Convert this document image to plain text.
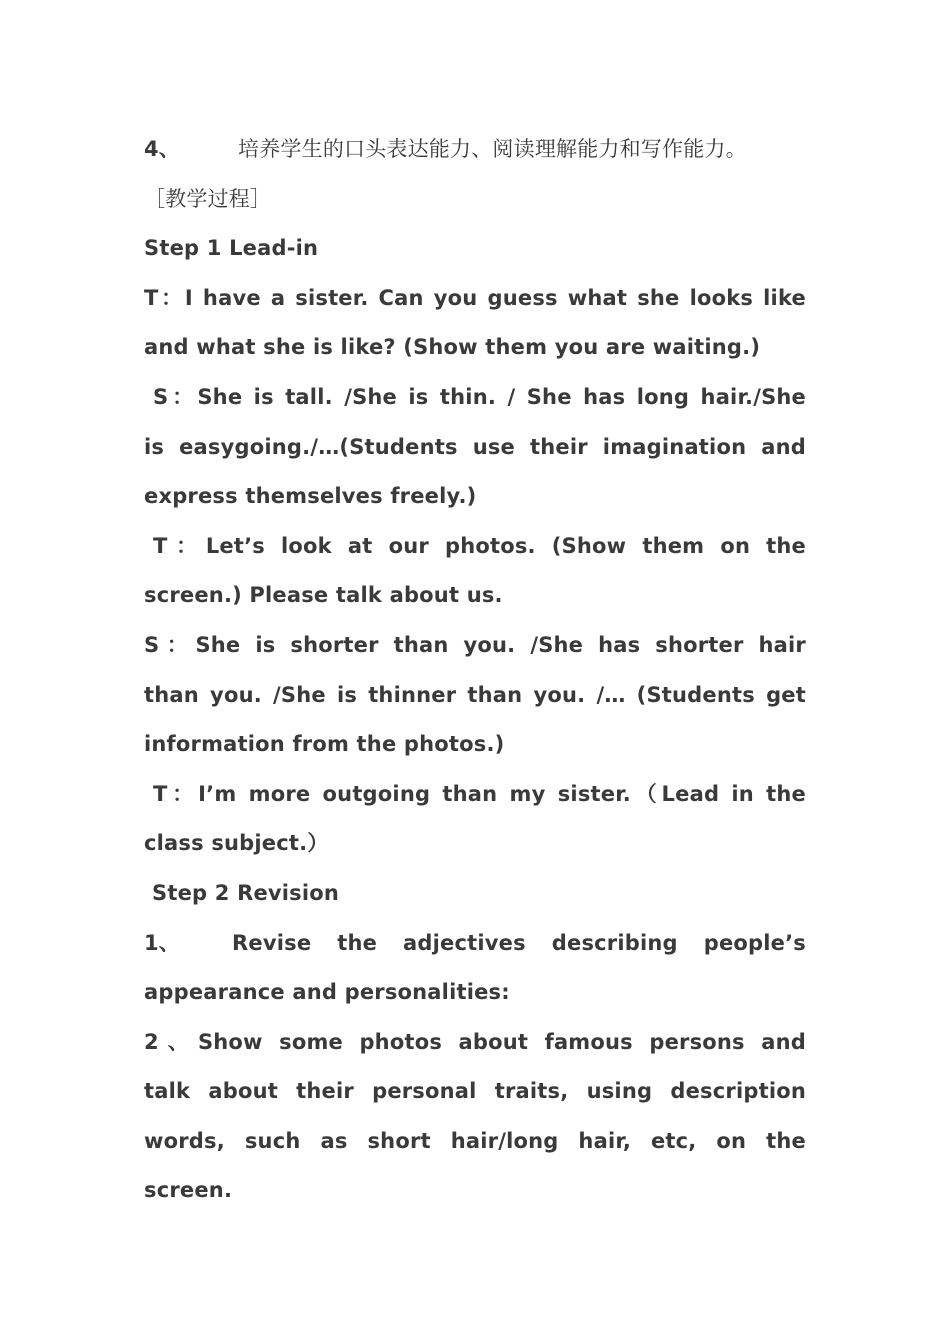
4、	培养学生的口头表达能力、阅读理解能力和写作能力。
［教学过程］
Step 1 Lead-in
T：I have a sister. Can you guess what she looks like
and what she is like? (Show them you are waiting.)
S：She is tall. /She is thin. / She has long hair./She
is easygoing./…(Students use their imagination and
express themselves freely.)
T：Let’s look at our photos. (Show them on the
screen.) Please talk about us.
S：She is shorter than you. /She has shorter hair
than you. /She is thinner than you. /… (Students get
information from the photos.)
T：I’m more outgoing than my sister.（Lead in the
class subject.）
Step 2 Revision
1、 Revise the adjectives describing people’s
appearance and personalities:
2、Show some photos about famous persons and
talk about their personal traits, using description
words, such as short hair/long hair, etc, on the
screen.
